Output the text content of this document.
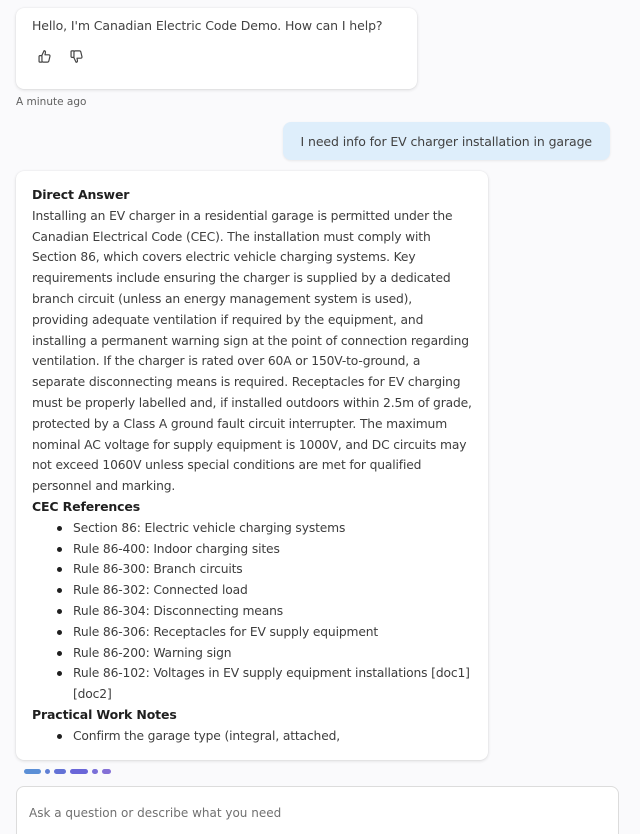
Hello, I'm Canadian Electric Code Demo. How can I help?
A minute ago
I need info for EV charger installation in garage
Direct Answer

Installing an EV charger in a residential garage is permitted under the Canadian Electrical Code (CEC). The installation must comply with Section 86, which covers electric vehicle charging systems. Key requirements include ensuring the charger is supplied by a dedicated branch circuit (unless an energy management system is used), providing adequate ventilation if required by the equipment, and installing a permanent warning sign at the point of connection regarding ventilation. If the charger is rated over 60A or 150V-to-ground, a separate disconnecting means is required. Receptacles for EV charging must be properly labelled and, if installed outdoors within 2.5m of grade, protected by a Class A ground fault circuit interrupter. The maximum nominal AC voltage for supply equipment is 1000V, and DC circuits may not exceed 1060V unless special conditions are met for qualified personnel and marking.

CEC References
Section 86: Electric vehicle charging systems
Rule 86-400: Indoor charging sites
Rule 86-300: Branch circuits
Rule 86-302: Connected load
Rule 86-304: Disconnecting means
Rule 86-306: Receptacles for EV supply equipment
Rule 86-200: Warning sign
Rule 86-102: Voltages in EV supply equipment installations [doc1][doc2]
Practical Work Notes
Confirm the garage type (integral, attached,
Ask a question or describe what you need
